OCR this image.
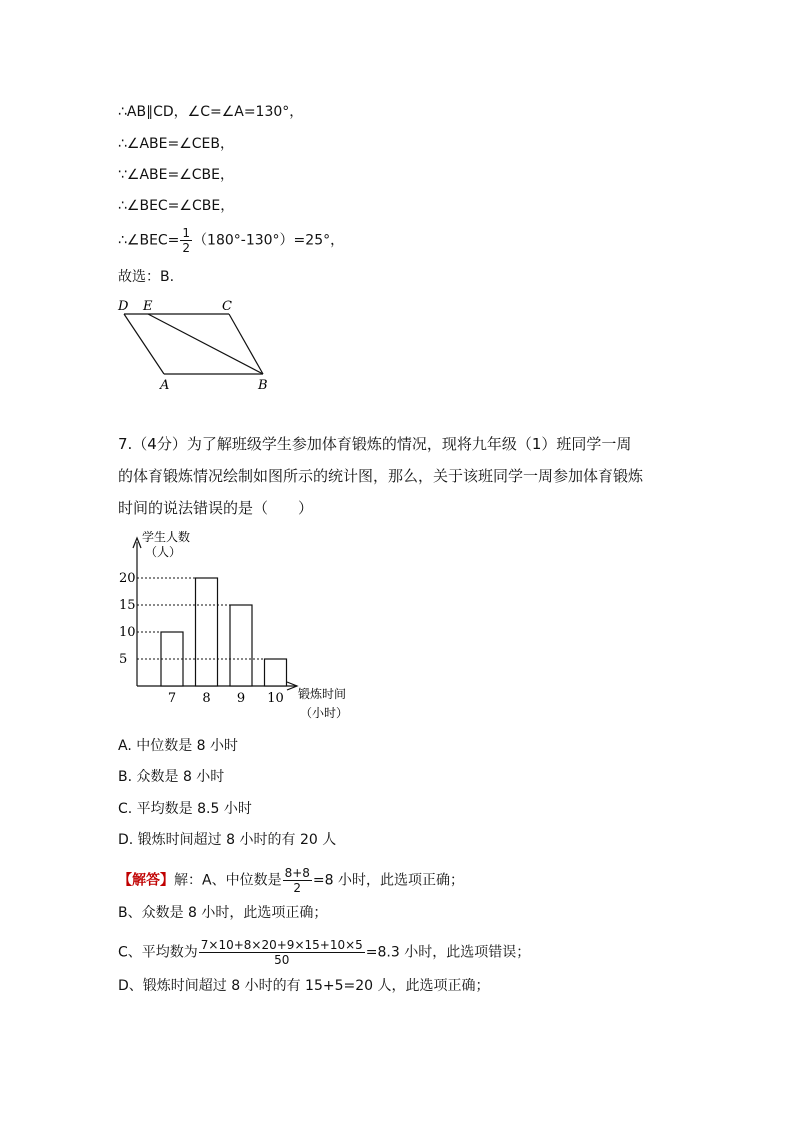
∴AB∥CD，∠C=∠A=130°，
∴∠ABE=∠CEB，
∵∠ABE=∠CBE，
∴∠BEC=∠CBE，
∴∠BEC= $\frac{1}{2} (180^\circ-130^\circ)=25^\circ$，
故选：B.
D E	C
A	B
7.（4分）为了解班级学生参加体育锻炼的情况，现将九年级（1）班同学一周
的体育锻炼情况绘制如图所示的统计图，那么，关于该班同学一周参加体育锻炼
时间的说法错误的是（　　）
学生人数
（人）
锻炼时间
（小时）
5
10
15
20
7 8 9 10
A. 中位数是 8 小时
B. 众数是 8 小时
C. 平均数是 8.5 小时
D. 锻炼时间超过 8 小时的有 20 人
【解答】解：A、中位数是 $\frac{8+8}{2} =8$ 小时，此选项正确；
B、众数是 8 小时，此选项正确；
C、平均数为 $\frac{7\times 10+8\times 20+9\times 15+10\times 5}{50} =8.3$ 小时，此选项错误；
D、锻炼时间超过 8 小时的有 15+5=20 人，此选项正确；
